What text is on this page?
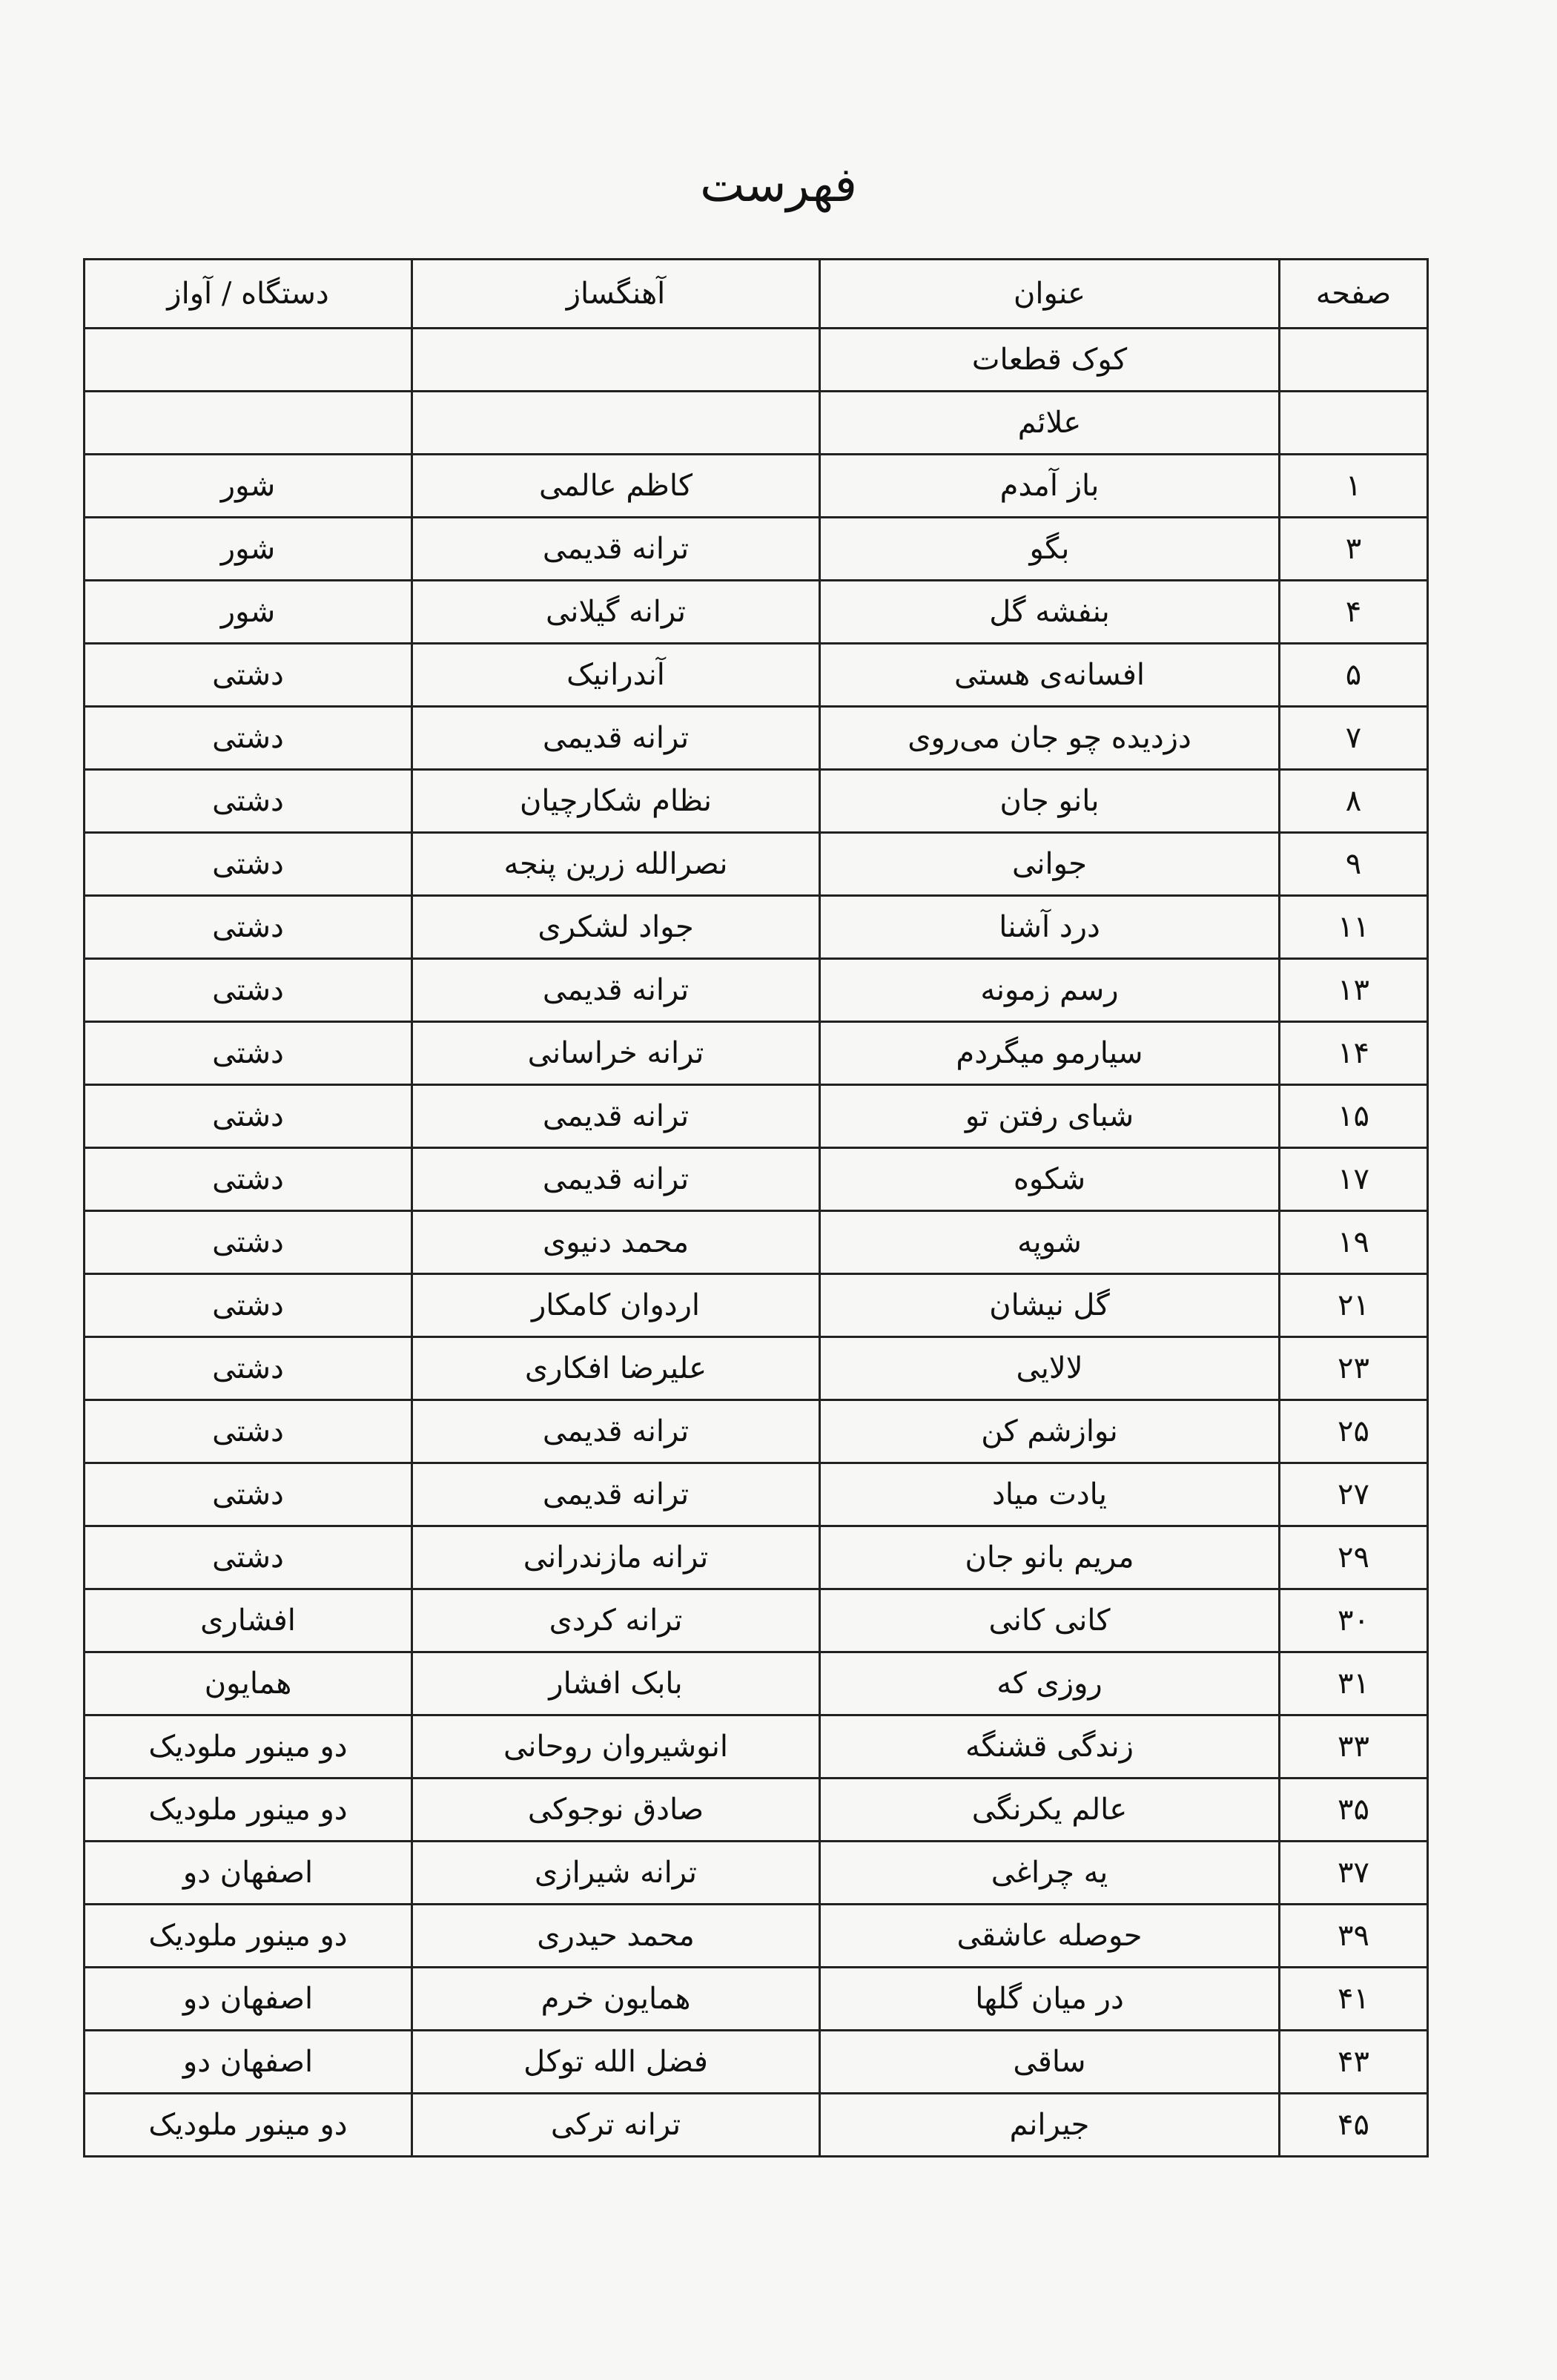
فهرست
صفحه	عنوان	آهنگساز	دستگاه / آواز
	کوک قطعات		
	علائم		
۱	باز آمدم	کاظم عالمی	شور
۳	بگو	ترانه قدیمی	شور
۴	بنفشه گل	ترانه گیلانی	شور
۵	افسانه‌ی هستی	آندرانیک	دشتی
۷	دزدیده چو جان می‌روی	ترانه قدیمی	دشتی
۸	بانو جان	نظام شکارچیان	دشتی
۹	جوانی	نصرالله زرین پنجه	دشتی
۱۱	درد آشنا	جواد لشکری	دشتی
۱۳	رسم زمونه	ترانه قدیمی	دشتی
۱۴	سیارمو میگردم	ترانه خراسانی	دشتی
۱۵	شبای رفتن تو	ترانه قدیمی	دشتی
۱۷	شکوه	ترانه قدیمی	دشتی
۱۹	شوپه	محمد دنیوی	دشتی
۲۱	گل نیشان	اردوان کامکار	دشتی
۲۳	لالایی	علیرضا افکاری	دشتی
۲۵	نوازشم کن	ترانه قدیمی	دشتی
۲۷	یادت میاد	ترانه قدیمی	دشتی
۲۹	مریم بانو جان	ترانه مازندرانی	دشتی
۳۰	کانی کانی	ترانه کردی	افشاری
۳۱	روزی که	بابک افشار	همایون
۳۳	زندگی قشنگه	انوشیروان روحانی	دو مینور ملودیک
۳۵	عالم یکرنگی	صادق نوجوکی	دو مینور ملودیک
۳۷	یه چراغی	ترانه شیرازی	اصفهان دو
۳۹	حوصله عاشقی	محمد حیدری	دو مینور ملودیک
۴۱	در میان گلها	همایون خرم	اصفهان دو
۴۳	ساقی	فضل الله توکل	اصفهان دو
۴۵	جیرانم	ترانه ترکی	دو مینور ملودیک
